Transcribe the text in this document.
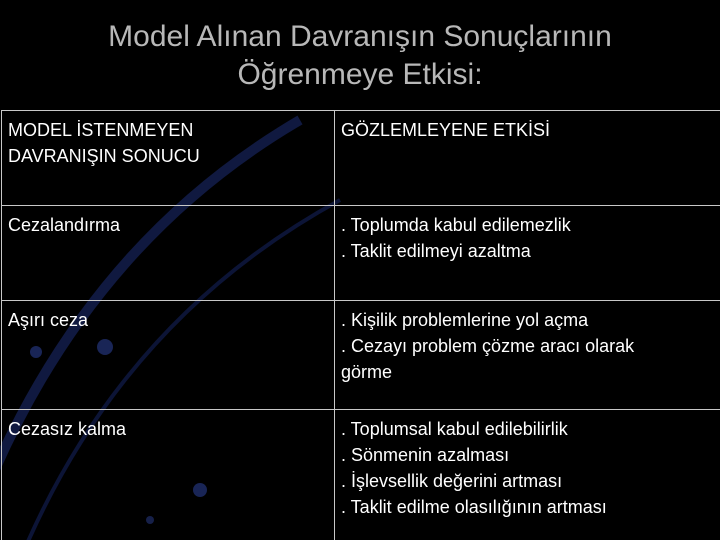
Model Alınan Davranışın Sonuçlarının
Öğrenmeye Etkisi:
MODEL İSTENMEYEN
DAVRANIŞIN SONUCU	GÖZLEMLEYENE ETKİSİ

Cezalandırma	. Toplumda kabul edilemezlik
. Taklit edilmeyi azaltma

Aşırı ceza	. Kişilik problemlerine yol açma
. Cezayı problem çözme aracı olarak
görme

Cezasız kalma	. Toplumsal kabul edilebilirlik
. Sönmenin azalması
. İşlevsellik değerini artması
. Taklit edilme olasılığının artması
